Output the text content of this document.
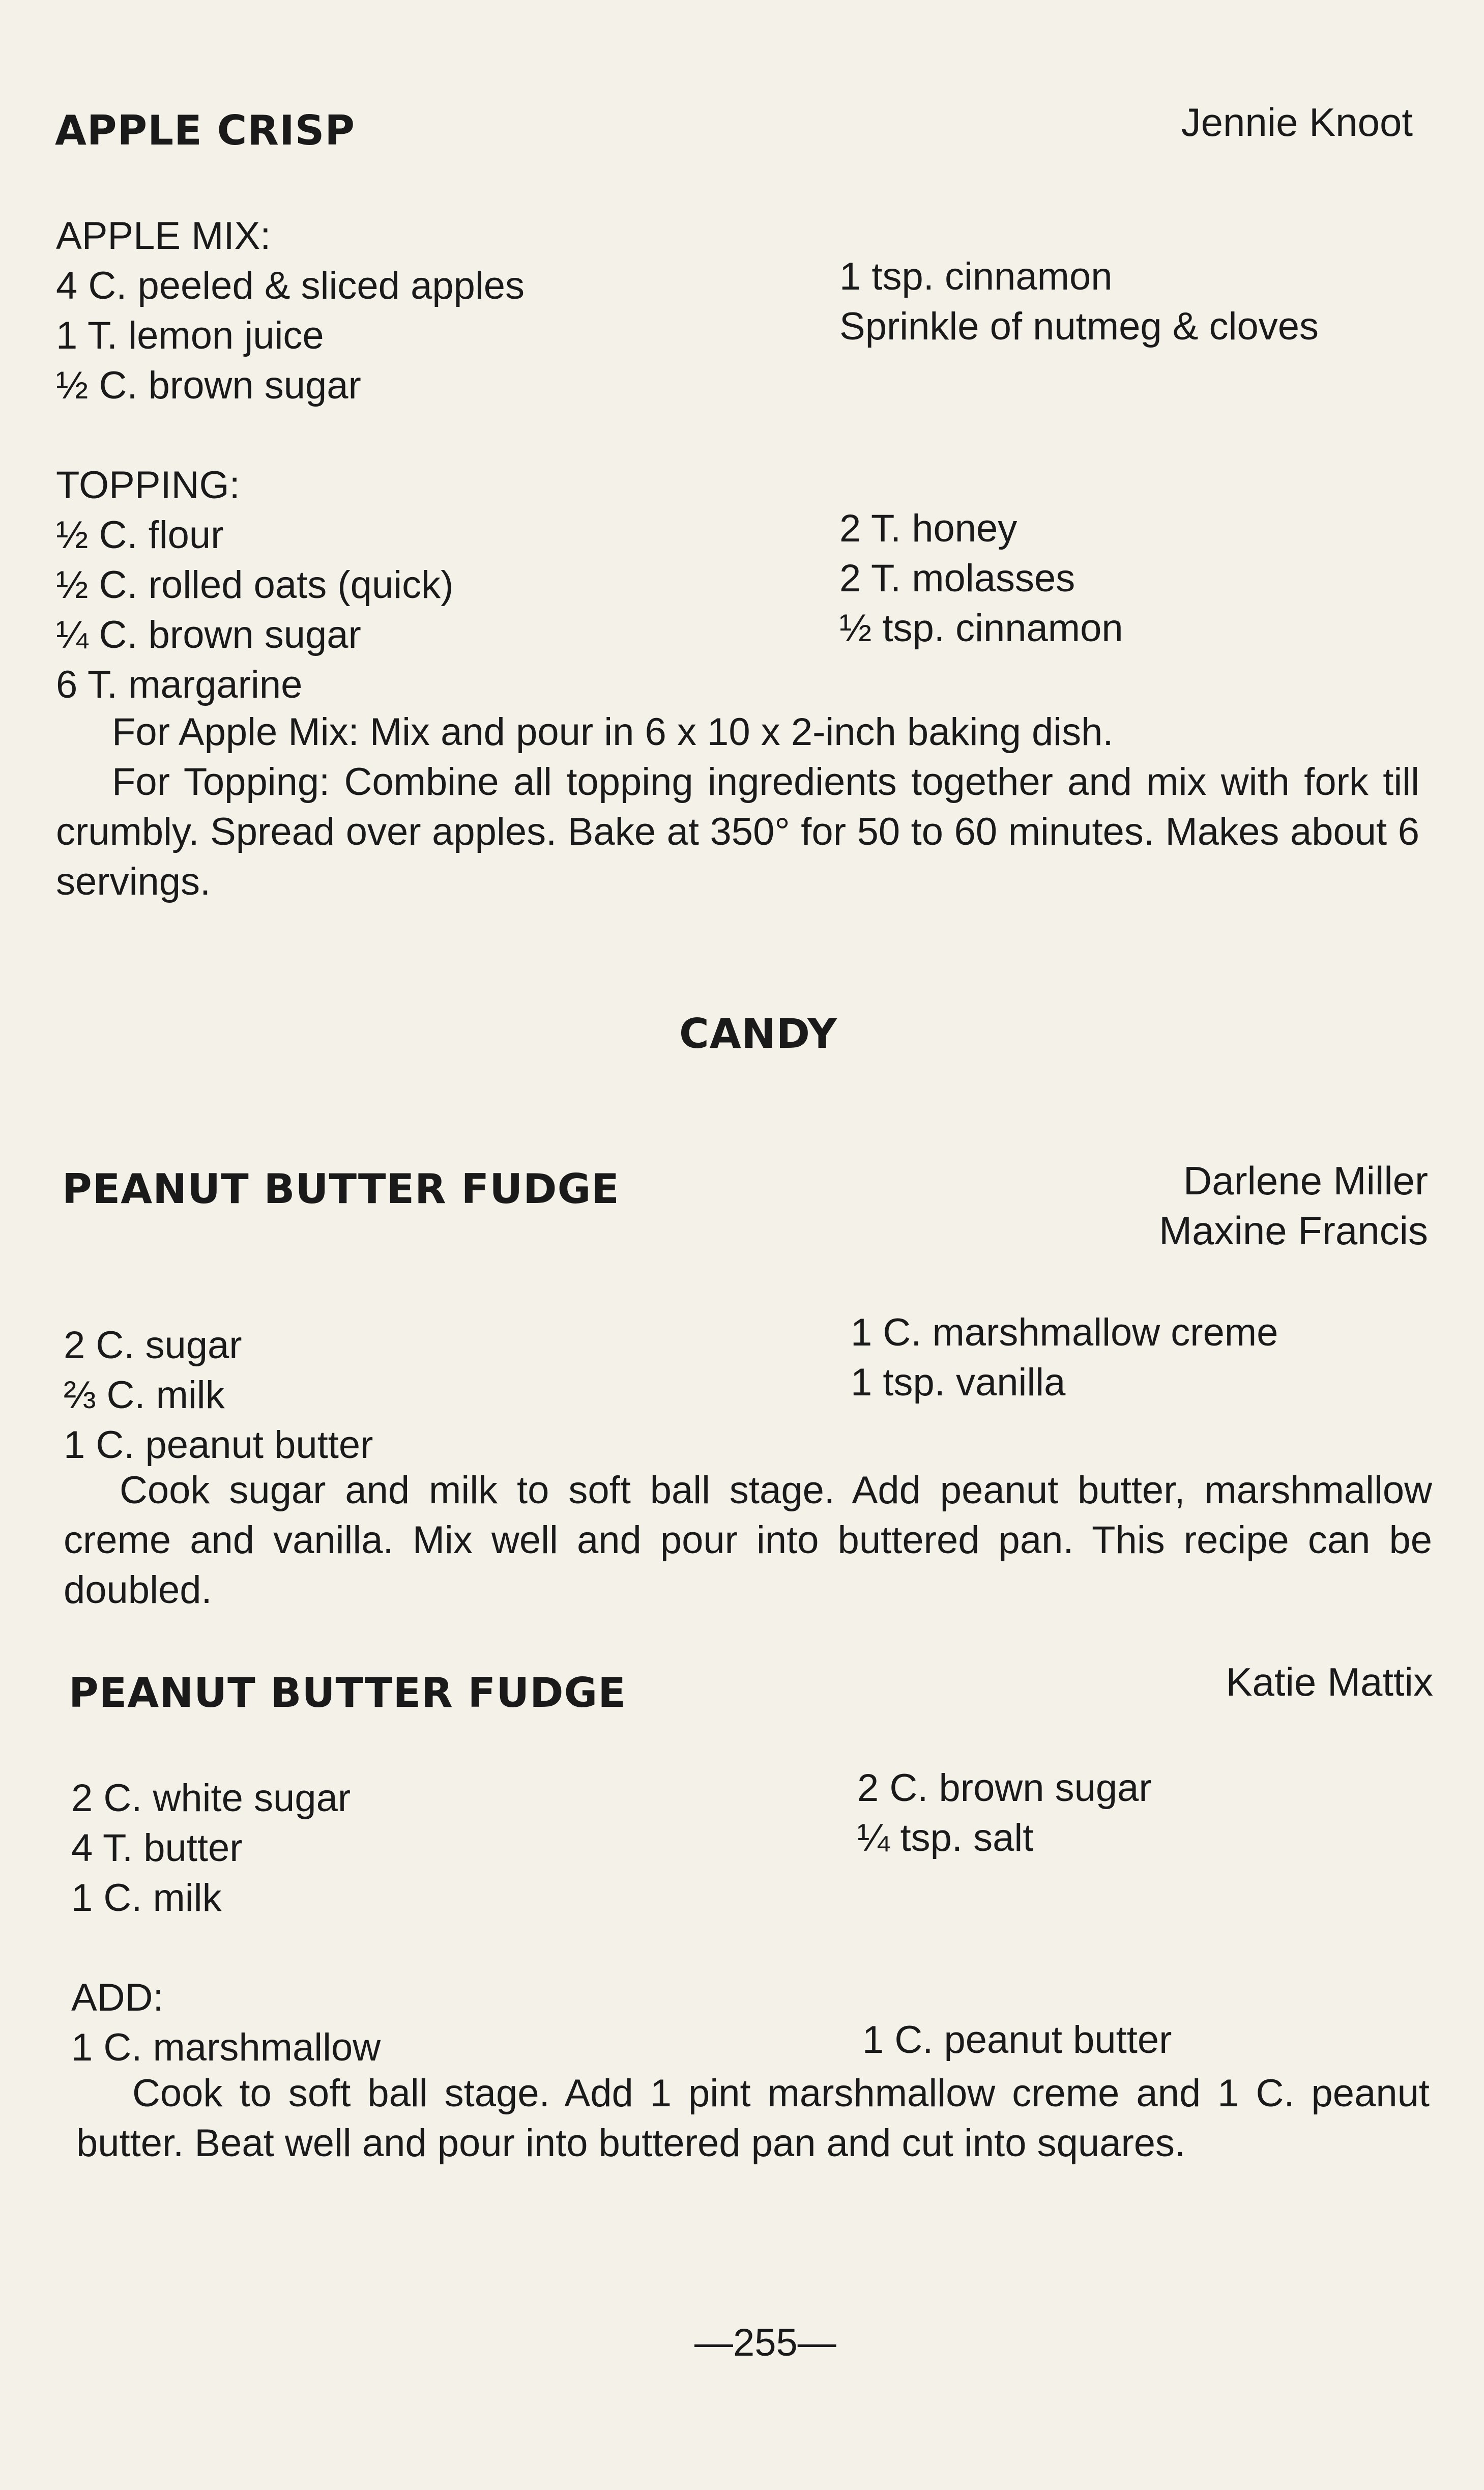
APPLE CRISP	Jennie Knoot
APPLE MIX:
4 C. peeled & sliced apples
1 T. lemon juice
½ C. brown sugar
1 tsp. cinnamon
Sprinkle of nutmeg & cloves
TOPPING:
½ C. flour
½ C. rolled oats (quick)
¼ C. brown sugar
6 T. margarine
2 T. honey
2 T. molasses
½ tsp. cinnamon
For Apple Mix: Mix and pour in 6 x 10 x 2-inch baking dish.
For Topping: Combine all topping ingredients together and mix with fork till crumbly. Spread over apples. Bake at 350° for 50 to 60 minutes. Makes about 6 servings.
CANDY
PEANUT BUTTER FUDGE	Darlene Miller
Maxine Francis
2 C. sugar
⅔ C. milk
1 C. peanut butter
1 C. marshmallow creme
1 tsp. vanilla
Cook sugar and milk to soft ball stage. Add peanut butter, marshmallow creme and vanilla. Mix well and pour into buttered pan. This recipe can be doubled.
PEANUT BUTTER FUDGE	Katie Mattix
2 C. white sugar
4 T. butter
1 C. milk
2 C. brown sugar
¼ tsp. salt
ADD:
1 C. marshmallow	1 C. peanut butter
Cook to soft ball stage. Add 1 pint marshmallow creme and 1 C. peanut butter. Beat well and pour into buttered pan and cut into squares.
—255—
